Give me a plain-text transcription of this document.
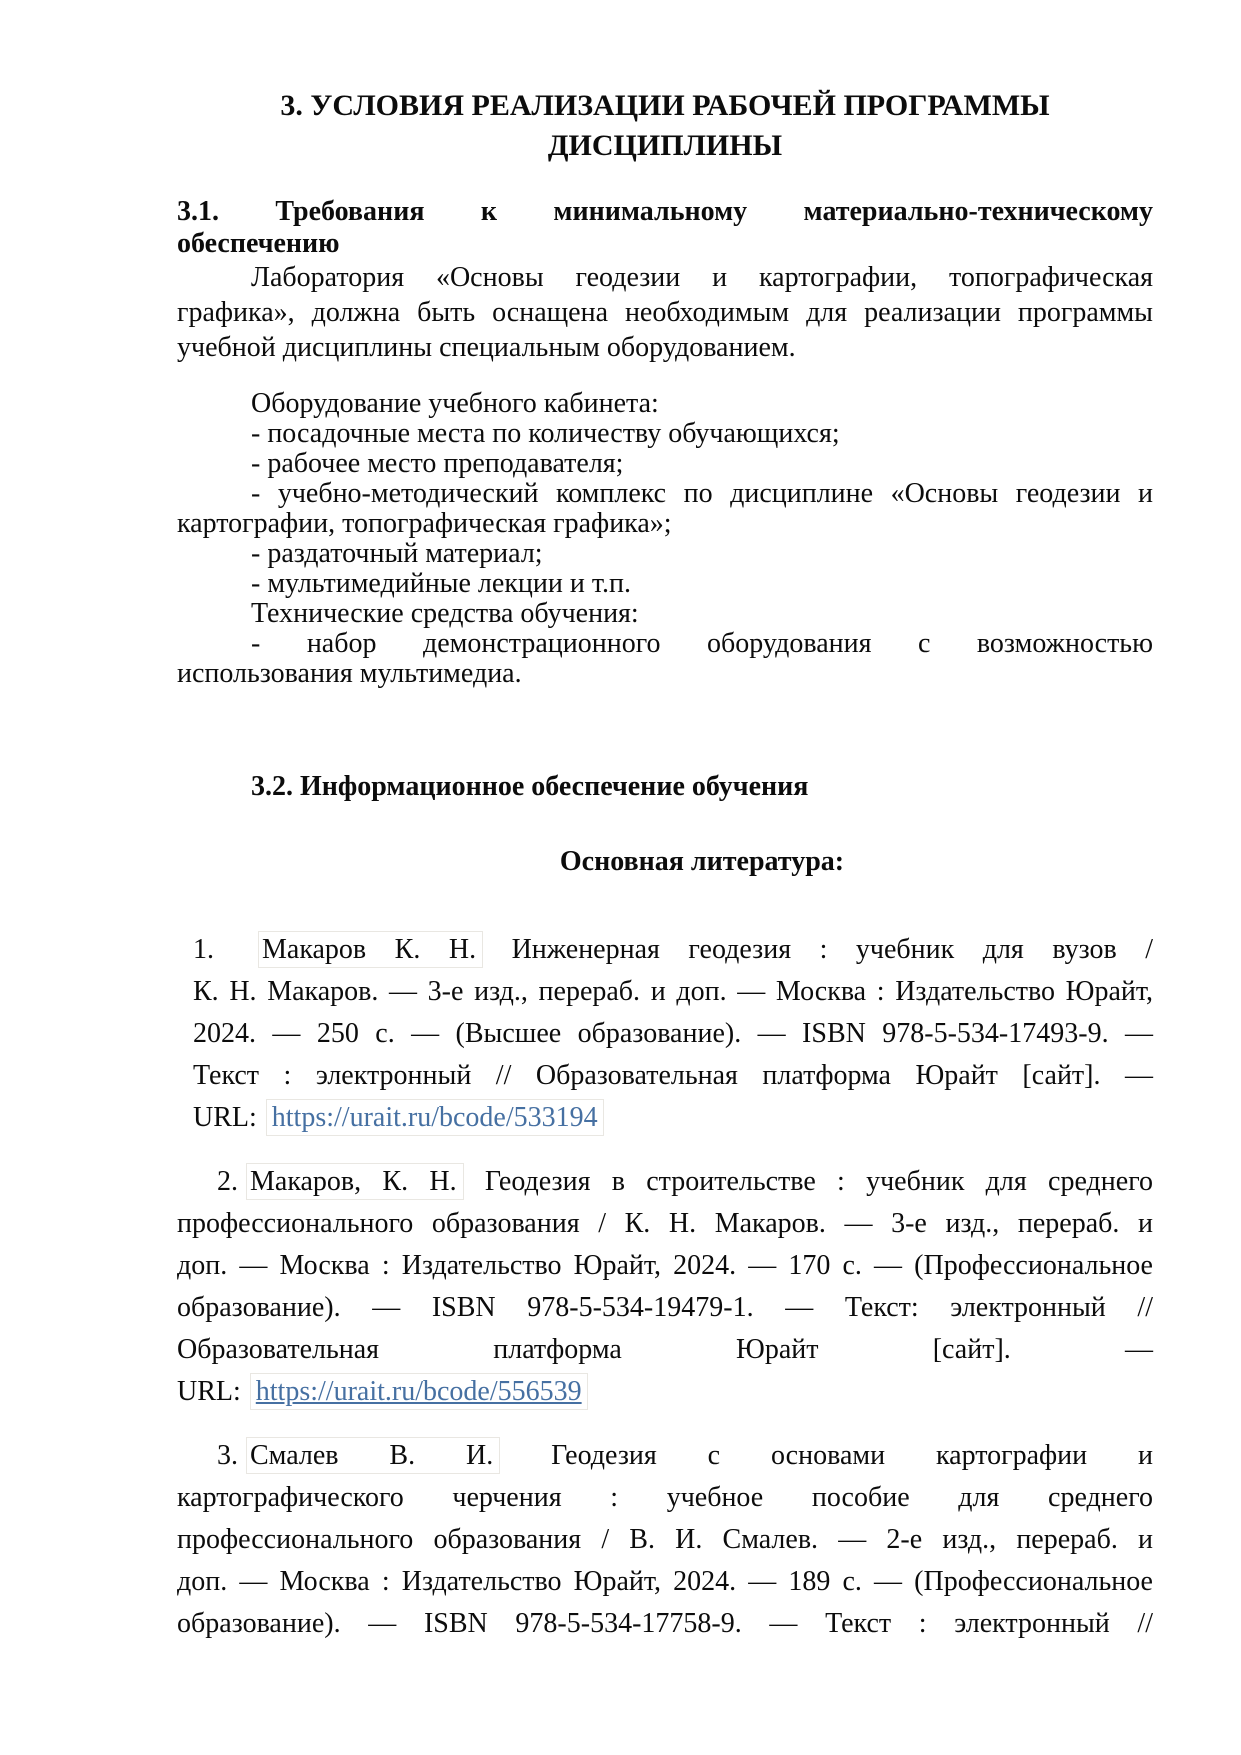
3. УСЛОВИЯ РЕАЛИЗАЦИИ РАБОЧЕЙ ПРОГРАММЫ
ДИСЦИПЛИНЫ
3.1. Требования к минимальному материально-техническому
обеспечению
Лаборатория «Основы геодезии и картографии, топографическая
графика», должна быть оснащена необходимым для реализации программы
учебной дисциплины специальным оборудованием.
Оборудование учебного кабинета:
- посадочные места по количеству обучающихся;
- рабочее место преподавателя;
- учебно-методический комплекс по дисциплине «Основы геодезии и
картографии, топографическая графика»;
- раздаточный материал;
- мультимедийные лекции и т.п.
Технические средства обучения:
- набор демонстрационного оборудования с возможностью
использования мультимедиа.
3.2. Информационное обеспечение обучения
Основная литература:
1. Макаров К. Н. Инженерная геодезия : учебник для вузов /
К. Н. Макаров. — 3-е изд., перераб. и доп. — Москва : Издательство Юрайт,
2024. — 250 с. — (Высшее образование). — ISBN 978-5-534-17493-9. —
Текст : электронный // Образовательная платформа Юрайт [сайт]. —
URL: https://urait.ru/bcode/533194
2. Макаров, К. Н. Геодезия в строительстве : учебник для среднего
профессионального образования / К. Н. Макаров. — 3-е изд., перераб. и
доп. — Москва : Издательство Юрайт, 2024. — 170 с. — (Профессиональное
образование). — ISBN 978-5-534-19479-1. — Текст: электронный //
Образовательная платформа Юрайт [сайт]. —
URL: https://urait.ru/bcode/556539
3. Смалев В. И. Геодезия с основами картографии и
картографического черчения : учебное пособие для среднего
профессионального образования / В. И. Смалев. — 2-е изд., перераб. и
доп. — Москва : Издательство Юрайт, 2024. — 189 с. — (Профессиональное
образование). — ISBN 978-5-534-17758-9. — Текст : электронный //
